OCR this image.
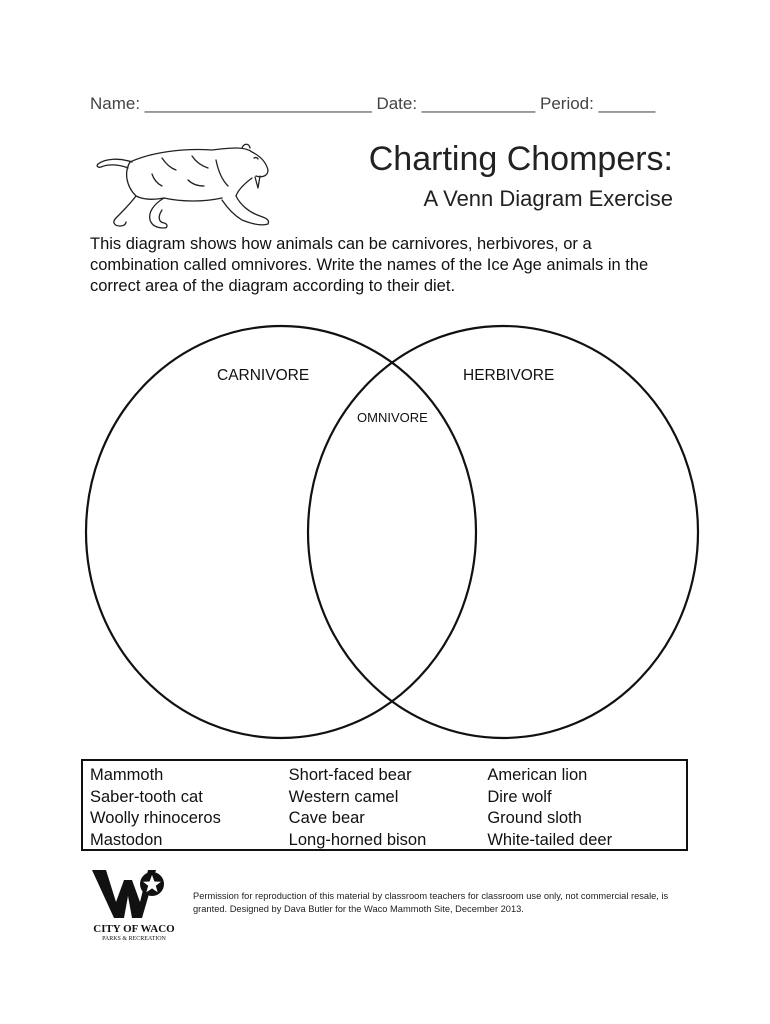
Name: ________________________ Date: ____________ Period: ______
Charting Chompers:
A Venn Diagram Exercise
This diagram shows how animals can be carnivores, herbivores, or a combination called omnivores. Write the names of the Ice Age animals in the correct area of the diagram according to their diet.
CARNIVORE	HERBIVORE
OMNIVORE
Mammoth
Saber-tooth cat
Woolly rhinoceros
Mastodon
Short-faced bear
Western camel
Cave bear
Long-horned bison
American lion
Dire wolf
Ground sloth
White-tailed deer
CITY OF WACO
PARKS & RECREATION
Permission for reproduction of this material by classroom teachers for classroom use only, not commercial resale, is granted. Designed by Dava Butler for the Waco Mammoth Site, December 2013.
